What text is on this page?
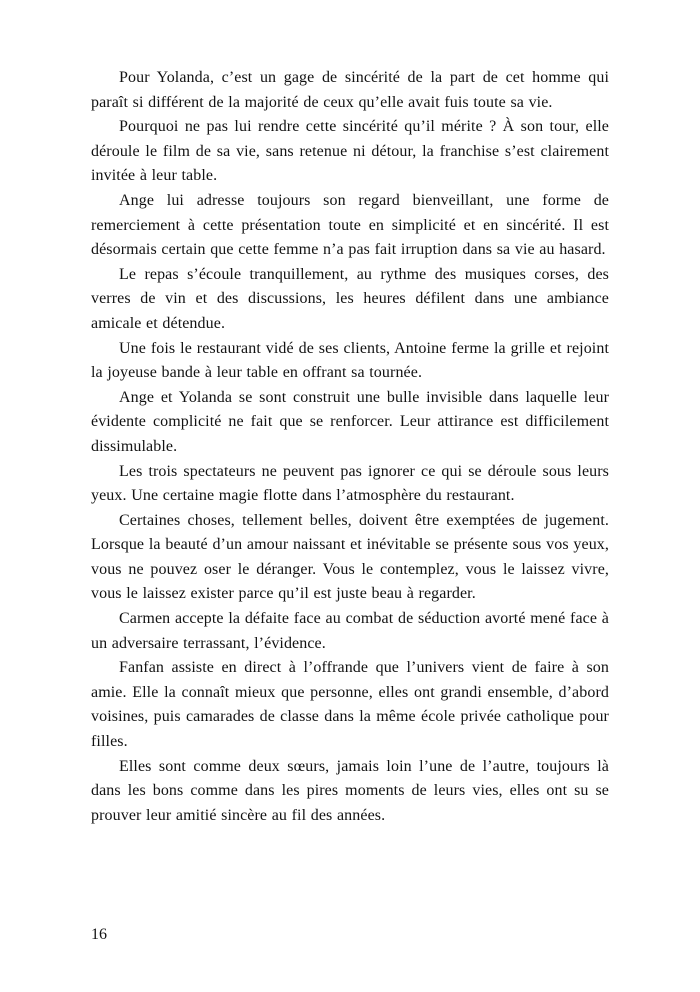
Pour Yolanda, c’est un gage de sincérité de la part de cet homme qui paraît si différent de la majorité de ceux qu’elle avait fuis toute sa vie.

Pourquoi ne pas lui rendre cette sincérité qu’il mérite ? À son tour, elle déroule le film de sa vie, sans retenue ni détour, la franchise s’est clairement invitée à leur table.

Ange lui adresse toujours son regard bienveillant, une forme de remerciement à cette présentation toute en simplicité et en sincérité. Il est désormais certain que cette femme n’a pas fait irruption dans sa vie au hasard.

Le repas s’écoule tranquillement, au rythme des musiques corses, des verres de vin et des discussions, les heures défilent dans une ambiance amicale et détendue.

Une fois le restaurant vidé de ses clients, Antoine ferme la grille et rejoint la joyeuse bande à leur table en offrant sa tournée.

Ange et Yolanda se sont construit une bulle invisible dans laquelle leur évidente complicité ne fait que se renforcer. Leur attirance est difficilement dissimulable.

Les trois spectateurs ne peuvent pas ignorer ce qui se déroule sous leurs yeux. Une certaine magie flotte dans l’atmosphère du restaurant.

Certaines choses, tellement belles, doivent être exemptées de jugement. Lorsque la beauté d’un amour naissant et inévitable se présente sous vos yeux, vous ne pouvez oser le déranger. Vous le contemplez, vous le laissez vivre, vous le laissez exister parce qu’il est juste beau à regarder.

Carmen accepte la défaite face au combat de séduction avorté mené face à un adversaire terrassant, l’évidence.

Fanfan assiste en direct à l’offrande que l’univers vient de faire à son amie. Elle la connaît mieux que personne, elles ont grandi ensemble, d’abord voisines, puis camarades de classe dans la même école privée catholique pour filles.

Elles sont comme deux sœurs, jamais loin l’une de l’autre, toujours là dans les bons comme dans les pires moments de leurs vies, elles ont su se prouver leur amitié sincère au fil des années.

16
